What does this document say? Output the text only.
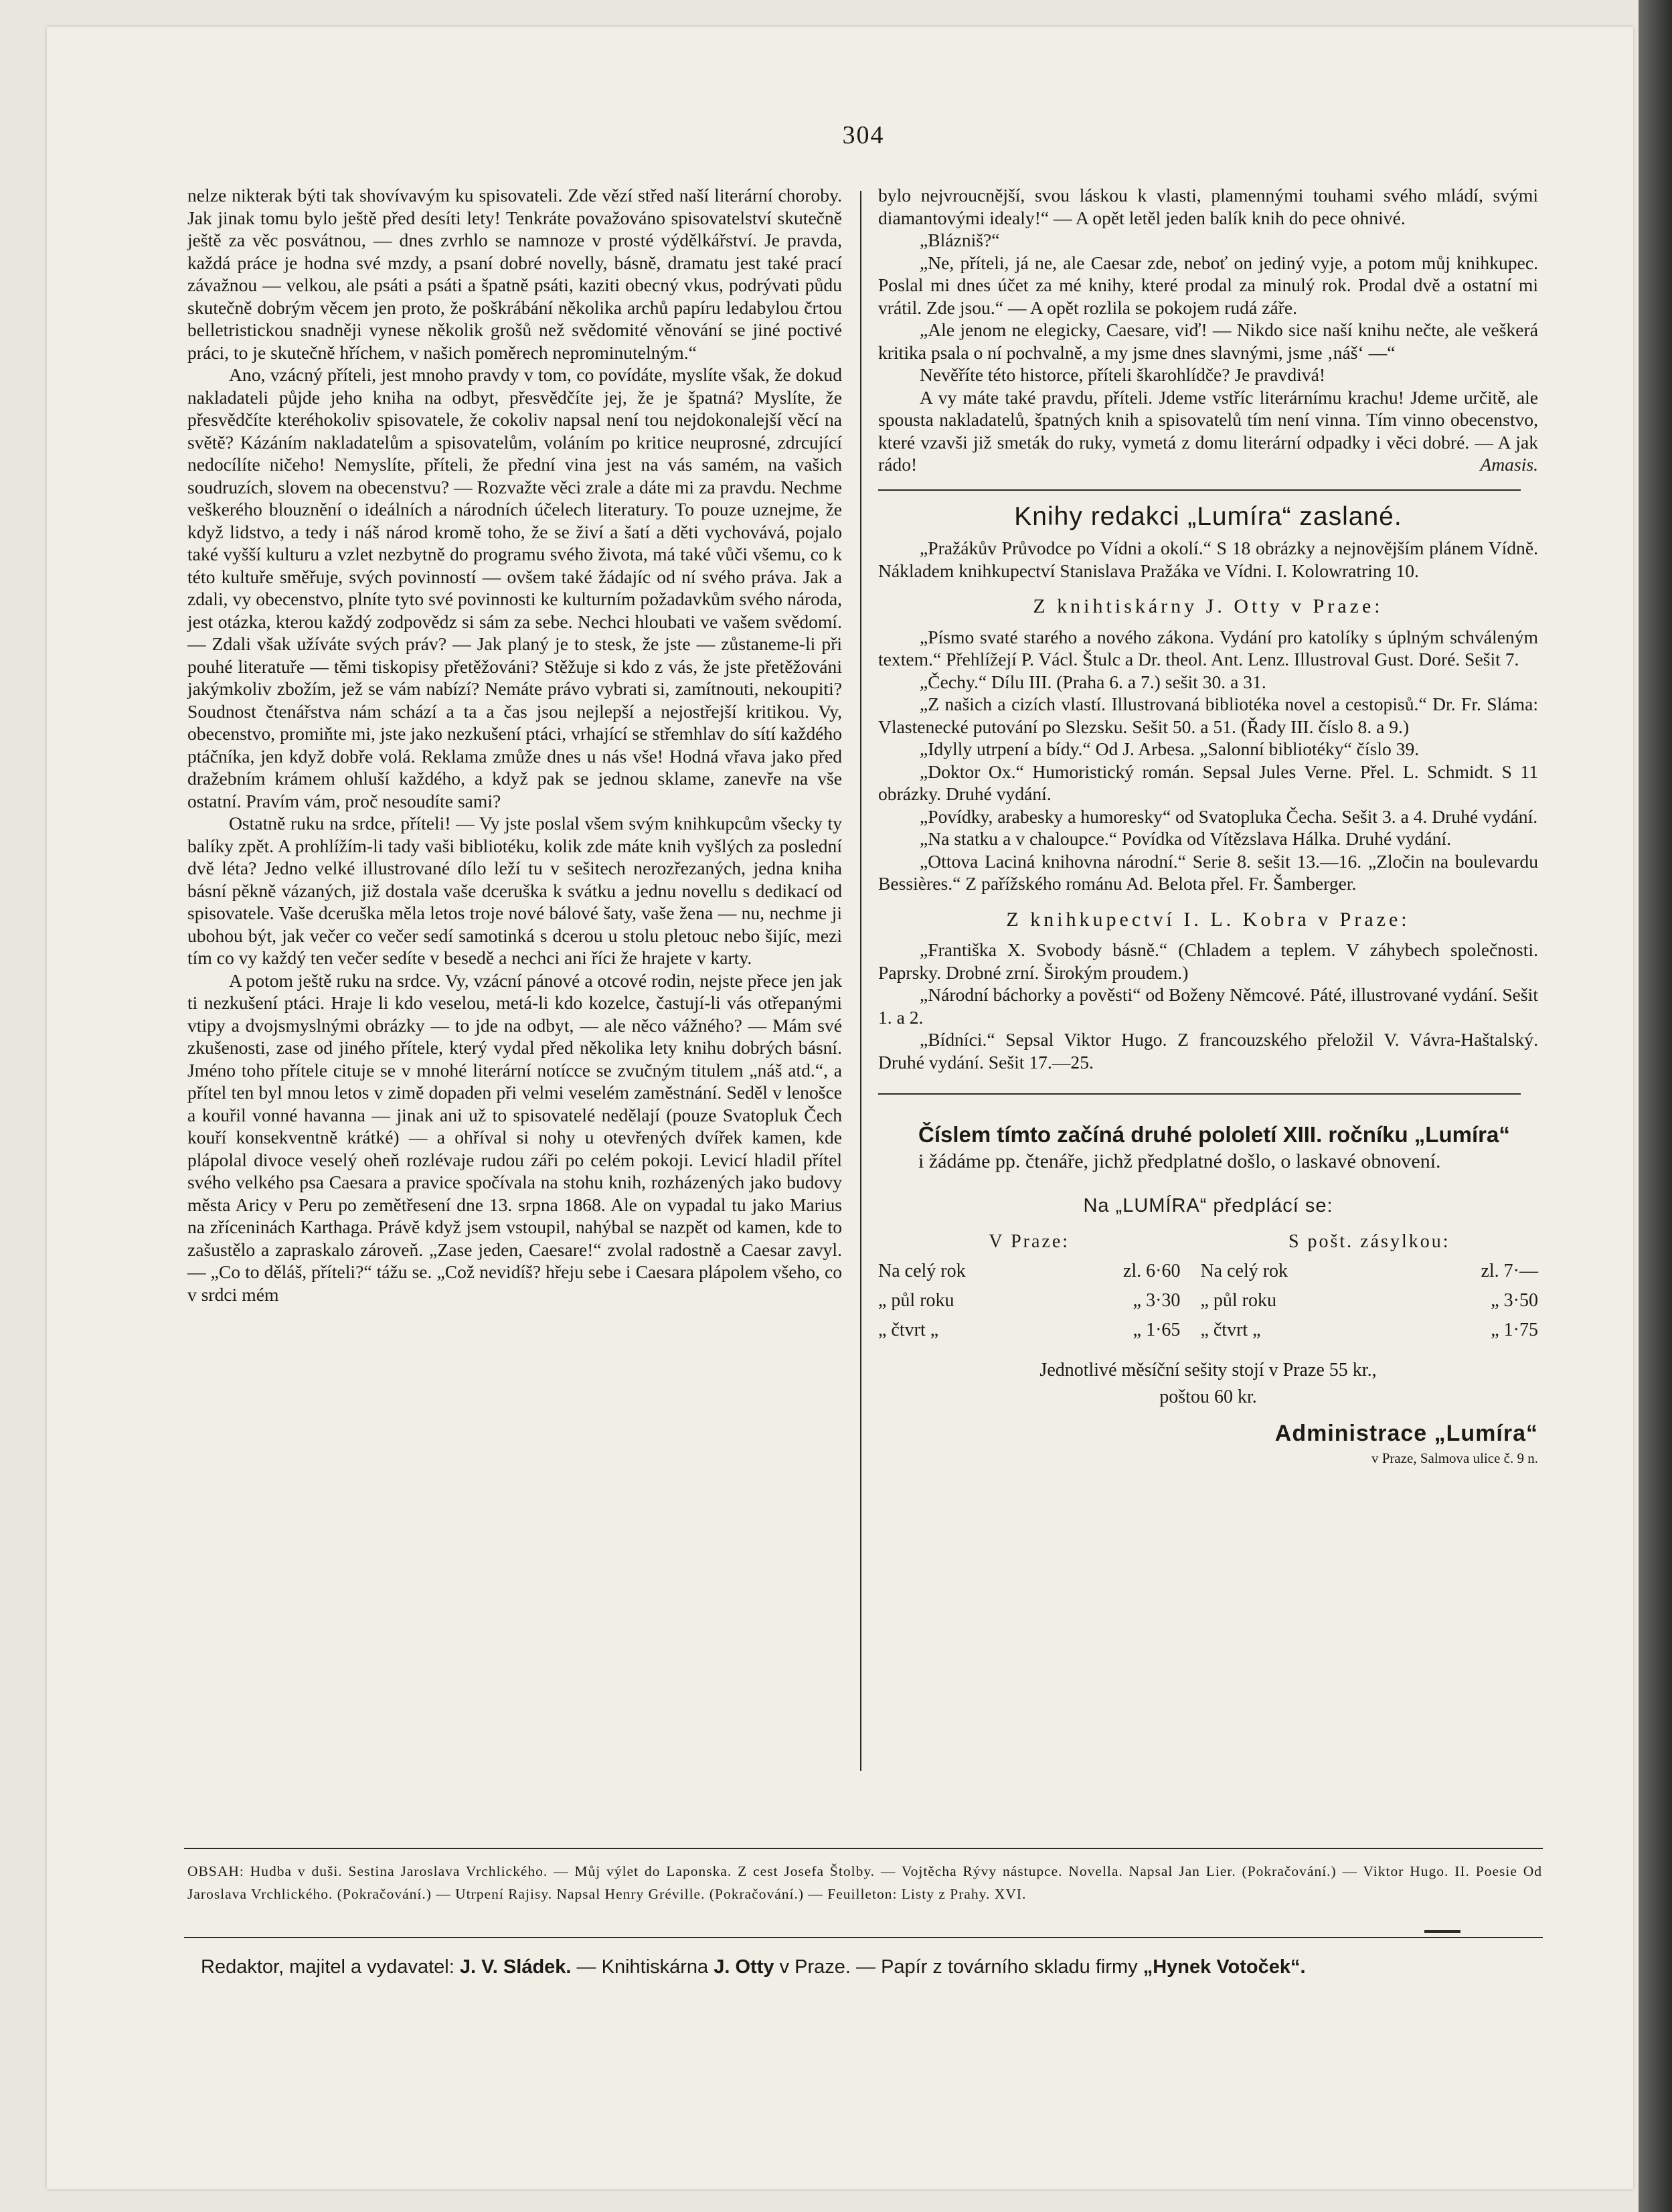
304

nelze nikterak býti tak shovívavým ku spisovateli. Zde vězí střed naší literární choroby. Jak jinak tomu bylo ještě před desíti lety! Tenkráte považováno spisovatelství skutečně ještě za věc posvátnou, — dnes zvrhlo se namnoze v prosté výdělkářství. Je pravda, každá práce je hodna své mzdy, a psaní dobré novelly, básně, dramatu jest také prací závažnou — velkou, ale psáti a psáti a špatně psáti, kaziti obecný vkus, podrývati půdu skutečně dobrým věcem jen proto, že poškrábání několika archů papíru ledabylou črtou belletristickou snadněji vynese několik grošů než svědomité věnování se jiné poctivé práci, to je skutečně hříchem, v našich poměrech neprominutelným.“

Ano, vzácný příteli, jest mnoho pravdy v tom, co povídáte, myslíte však, že dokud nakladateli půjde jeho kniha na odbyt, přesvědčíte jej, že je špatná? Myslíte, že přesvědčíte kteréhokoliv spisovatele, že cokoliv napsal není tou nejdokonalejší věcí na světě? Kázáním nakladatelům a spisovatelům, voláním po kritice neuprosné, zdrcující nedocílíte ničeho! Nemyslíte, příteli, že přední vina jest na vás samém, na vašich soudruzích, slovem na obecenstvu? — Rozvažte věci zrale a dáte mi za pravdu. Nechme veškerého blouznění o ideálních a národních účelech literatury. To pouze uznejme, že když lidstvo, a tedy i náš národ kromě toho, že se živí a šatí a děti vychovává, pojalo také vyšší kulturu a vzlet nezbytně do programu svého života, má také vůči všemu, co k této kultuře směřuje, svých povinností — ovšem také žádajíc od ní svého práva. Jak a zdali, vy obecenstvo, plníte tyto své povinnosti ke kulturním požadavkům svého národa, jest otázka, kterou každý zodpovědz si sám za sebe. Nechci hloubati ve vašem svědomí. — Zdali však užíváte svých práv? — Jak planý je to stesk, že jste — zůstaneme-li při pouhé literatuře — těmi tiskopisy přetěžováni? Stěžuje si kdo z vás, že jste přetěžováni jakýmkoliv zbožím, jež se vám nabízí? Nemáte právo vybrati si, zamítnouti, nekoupiti? Soudnost čtenářstva nám schází a ta a čas jsou nejlepší a nejostřejší kritikou. Vy, obecenstvo, promiňte mi, jste jako nezkušení ptáci, vrhající se střemhlav do sítí každého ptáčníka, jen když dobře volá. Reklama zmůže dnes u nás vše! Hodná vřava jako před dražebním krámem ohluší každého, a když pak se jednou sklame, zanevře na vše ostatní. Pravím vám, proč nesoudíte sami?

Ostatně ruku na srdce, příteli! — Vy jste poslal všem svým knihkupcům všecky ty balíky zpět. A prohlížím-li tady vaši bibliotéku, kolik zde máte knih vyšlých za poslední dvě léta? Jedno velké illustrované dílo leží tu v sešitech nerozřezaných, jedna kniha básní pěkně vázaných, již dostala vaše dceruška k svátku a jednu novellu s dedikací od spisovatele. Vaše dceruška měla letos troje nové bálové šaty, vaše žena — nu, nechme ji ubohou být, jak večer co večer sedí samotinká s dcerou u stolu pletouc nebo šijíc, mezi tím co vy každý ten večer sedíte v besedě a nechci ani říci že hrajete v karty.

A potom ještě ruku na srdce. Vy, vzácní pánové a otcové rodin, nejste přece jen jak ti nezkušení ptáci. Hraje li kdo veselou, metá-li kdo kozelce, častují-li vás otřepanými vtipy a dvojsmyslnými obrázky — to jde na odbyt, — ale něco vážného? — Mám své zkušenosti, zase od jiného přítele, který vydal před několika lety knihu dobrých básní. Jméno toho přítele cituje se v mnohé literární notícce se zvučným titulem „náš atd.“, a přítel ten byl mnou letos v zimě dopaden při velmi veselém zaměstnání. Seděl v lenošce a kouřil vonné havanna — jinak ani už to spisovatelé nedělají (pouze Svatopluk Čech kouří konsekventně krátké) — a ohříval si nohy u otevřených dvířek kamen, kde plápolal divoce veselý oheň rozlévaje rudou záři po celém pokoji. Levicí hladil přítel svého velkého psa Caesara a pravice spočívala na stohu knih, rozházených jako budovy města Aricy v Peru po zemětřesení dne 13. srpna 1868. Ale on vypadal tu jako Marius na zříceninách Karthaga. Právě když jsem vstoupil, nahýbal se nazpět od kamen, kde to zašustělo a zapraskalo zároveň. „Zase jeden, Caesare!“ zvolal radostně a Caesar zavyl. — „Co to děláš, příteli?“ tážu se. „Což nevidíš? hřeju sebe i Caesara plápolem všeho, co v srdci mém

bylo nejvroucnější, svou láskou k vlasti, plamennými touhami svého mládí, svými diamantovými idealy!“ — A opět letěl jeden balík knih do pece ohnivé.

„Blázniš?“

„Ne, příteli, já ne, ale Caesar zde, neboť on jediný vyje, a potom můj knihkupec. Poslal mi dnes účet za mé knihy, které prodal za minulý rok. Prodal dvě a ostatní mi vrátil. Zde jsou.“ — A opět rozlila se pokojem rudá záře.

„Ale jenom ne elegicky, Caesare, viď! — Nikdo sice naší knihu nečte, ale veškerá kritika psala o ní pochvalně, a my jsme dnes slavnými, jsme ‚náš‘ —“

Nevěříte této historce, příteli škarohlídče? Je pravdivá!

A vy máte také pravdu, příteli. Jdeme vstříc literárnímu krachu! Jdeme určitě, ale spousta nakladatelů, špatných knih a spisovatelů tím není vinna. Tím vinno obecenstvo, které vzavši již smeták do ruky, vymetá z domu literární odpadky i věci dobré. — A jak rádo!	Amasis.

Knihy redakci „Lumíra“ zaslané.

„Pražákův Průvodce po Vídni a okolí.“ S 18 obrázky a nejnovějším plánem Vídně. Nákladem knihkupectví Stanislava Pražáka ve Vídni. I. Kolowratring 10.

Z knihtiskárny J. Otty v Praze:

„Písmo svaté starého a nového zákona. Vydání pro katolíky s úplným schváleným textem.“ Přehlížejí P. Václ. Štulc a Dr. theol. Ant. Lenz. Illustroval Gust. Doré. Sešit 7.

„Čechy.“ Dílu III. (Praha 6. a 7.) sešit 30. a 31.

„Z našich a cizích vlastí. Illustrovaná bibliotéka novel a cestopisů.“ Dr. Fr. Sláma: Vlastenecké putování po Slezsku. Sešit 50. a 51. (Řady III. číslo 8. a 9.)

„Idylly utrpení a bídy.“ Od J. Arbesa. „Salonní bibliotéky“ číslo 39.

„Doktor Ox.“ Humoristický román. Sepsal Jules Verne. Přel. L. Schmidt. S 11 obrázky. Druhé vydání.

„Povídky, arabesky a humoresky“ od Svatopluka Čecha. Sešit 3. a 4. Druhé vydání.

„Na statku a v chaloupce.“ Povídka od Vítězslava Hálka. Druhé vydání.

„Ottova Laciná knihovna národní.“ Serie 8. sešit 13.—16. „Zločin na boulevardu Bessières.“ Z pařížského románu Ad. Belota přel. Fr. Šamberger.

Z knihkupectví I. L. Kobra v Praze:

„Františka X. Svobody básně.“ (Chladem a teplem. V záhybech společnosti. Paprsky. Drobné zrní. Širokým proudem.)

„Národní báchorky a pověsti“ od Boženy Němcové. Páté, illustrované vydání. Sešit 1. a 2.

„Bídníci.“ Sepsal Viktor Hugo. Z francouzského přeložil V. Vávra-Haštalský. Druhé vydání. Sešit 17.—25.

Číslem tímto začíná druhé pololetí XIII. ročníku „Lumíra“
i žádáme pp. čtenáře, jichž předplatné došlo, o laskavé obnovení.
Na „LUMÍRA“ předplácí se:
V Praze:			S pošt. zásylkou:	
Na celý rok	zl. 6·60		Na celý rok	zl. 7·—
„ půl roku	„ 3·30		„ půl roku	„ 3·50
„ čtvrt „	„ 1·65		„ čtvrt „	„ 1·75
Jednotlivé měsíční sešity stojí v Praze 55 kr.,
poštou 60 kr.
Administrace „Lumíra“
v Praze, Salmova ulice č. 9 n.
OBSAH: Hudba v duši. Sestina Jaroslava Vrchlického. — Můj výlet do Laponska. Z cest Josefa Štolby. — Vojtěcha Rývy nástupce. Novella. Napsal Jan Lier. (Pokračování.) — Viktor Hugo. II. Poesie Od Jaroslava Vrchlického. (Pokračování.) — Utrpení Rajisy. Napsal Henry Gréville. (Pokračování.) — Feuilleton: Listy z Prahy. XVI.
Redaktor, majitel a vydavatel: J. V. Sládek. — Knihtiskárna J. Otty v Praze. — Papír z továrního skladu firmy „Hynek Votoček“.
